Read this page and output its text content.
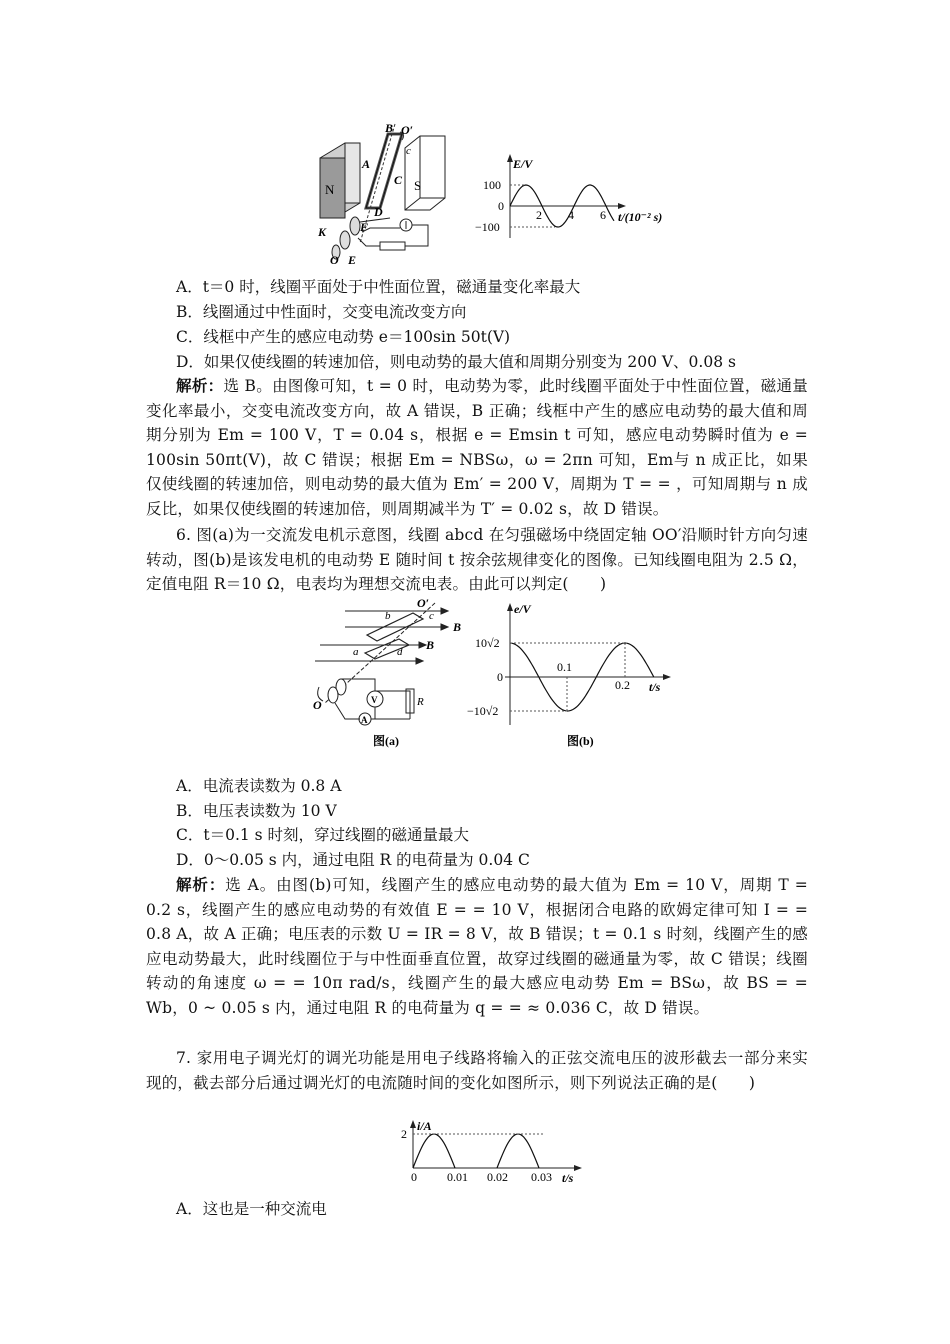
N	S
B O′
c
A
C
D
F
K
O E
E/V
100
0
−100
2 4 6 t/(10⁻² s)
A．t＝0 时，线圈平面处于中性面位置，磁通量变化率最大
B．线圈通过中性面时，交变电流改变方向
C．线框中产生的感应电动势 e＝100sin 50t(V)
D．如果仅使线圈的转速加倍，则电动势的最大值和周期分别变为 200 V、0.08 s
解析：选 B。由图像可知，t = 0 时，电动势为零，此时线圈平面处于中性面位置，磁通量变化率最小，交变电流改变方向，故 A 错误，B 正确；线框中产生的感应电动势的最大值和周期分别为 Em = 100 V，T = 0.04 s，根据 e = Emsin t 可知，感应电动势瞬时值为 e = 100sin 50πt(V)，故 C 错误；根据 Em = NBSω，ω = 2πn 可知，Em与 n 成正比，如果仅使线圈的转速加倍，则电动势的最大值为 Em′ = 200 V，周期为 T = = ，可知周期与 n 成反比，如果仅使线圈的转速加倍，则周期减半为 T′ = 0.02 s，故 D 错误。
6. 图(a)为一交流发电机示意图，线圈 abcd 在匀强磁场中绕固定轴 OO′沿顺时针方向匀速转动，图(b)是该发电机的电动势 E 随时间 t 按余弦规律变化的图像。已知线圈电阻为 2.5 Ω，定值电阻 R＝10 Ω，电表均为理想交流电表。由此可以判定(　　)
O′
b	c
B
a	d B
V	R
O
A
图(a)
e/V
10√2
0
−10√2
0.1
0.2 t/s
图(b)
A．电流表读数为 0.8 A
B．电压表读数为 10 V
C．t＝0.1 s 时刻，穿过线圈的磁通量最大
D．0～0.05 s 内，通过电阻 R 的电荷量为 0.04 C
解析：选 A。由图(b)可知，线圈产生的感应电动势的最大值为 Em = 10 V，周期 T = 0.2 s，线圈产生的感应电动势的有效值 E = = 10 V，根据闭合电路的欧姆定律可知 I = = 0.8 A，故 A 正确；电压表的示数 U = IR = 8 V，故 B 错误；t = 0.1 s 时刻，线圈产生的感应电动势最大，此时线圈位于与中性面垂直位置，故穿过线圈的磁通量为零，故 C 错误；线圈转动的角速度 ω = = 10π rad/s，线圈产生的最大感应电动势 Em = BSω，故 BS = = Wb，0 ~ 0.05 s 内，通过电阻 R 的电荷量为 q = = ≈ 0.036 C，故 D 错误。
7. 家用电子调光灯的调光功能是用电子线路将输入的正弦交流电压的波形截去一部分来实现的，截去部分后通过调光灯的电流随时间的变化如图所示，则下列说法正确的是(　　)
i/A
2
0	0.01 0.02 0.03 t/s
A．这也是一种交流电
